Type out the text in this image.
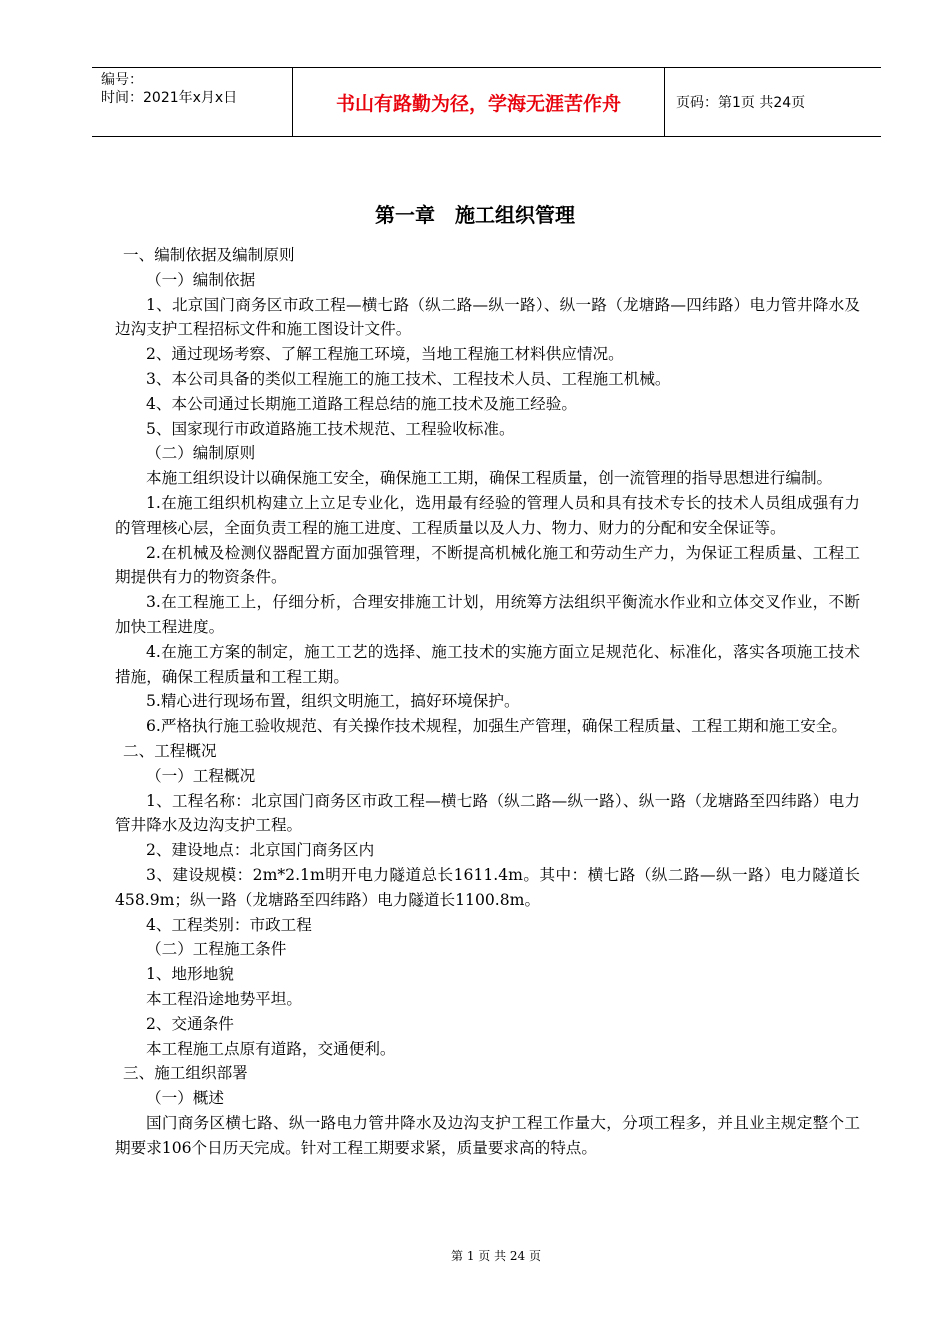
编号：
时间：2021年x月x日	书山有路勤为径，学海无涯苦作舟	页码：第1页 共24页
第一章　施工组织管理

一、编制依据及编制原则

（一）编制依据

1、北京国门商务区市政工程—横七路（纵二路—纵一路）、纵一路（龙塘路—四纬路）电力管井降水及边沟支护工程招标文件和施工图设计文件。

2、通过现场考察、了解工程施工环境，当地工程施工材料供应情况。

3、本公司具备的类似工程施工的施工技术、工程技术人员、工程施工机械。

4、本公司通过长期施工道路工程总结的施工技术及施工经验。

5、国家现行市政道路施工技术规范、工程验收标准。

（二）编制原则

本施工组织设计以确保施工安全，确保施工工期，确保工程质量，创一流管理的指导思想进行编制。

1.在施工组织机构建立上立足专业化，选用最有经验的管理人员和具有技术专长的技术人员组成强有力的管理核心层，全面负责工程的施工进度、工程质量以及人力、物力、财力的分配和安全保证等。

2.在机械及检测仪器配置方面加强管理，不断提高机械化施工和劳动生产力，为保证工程质量、工程工期提供有力的物资条件。

3.在工程施工上，仔细分析，合理安排施工计划，用统筹方法组织平衡流水作业和立体交叉作业，不断加快工程进度。

4.在施工方案的制定，施工工艺的选择、施工技术的实施方面立足规范化、标准化，落实各项施工技术措施，确保工程质量和工程工期。

5.精心进行现场布置，组织文明施工，搞好环境保护。

6.严格执行施工验收规范、有关操作技术规程，加强生产管理，确保工程质量、工程工期和施工安全。

二、工程概况

（一）工程概况

1、工程名称：北京国门商务区市政工程—横七路（纵二路—纵一路）、纵一路（龙塘路至四纬路）电力管井降水及边沟支护工程。

2、建设地点：北京国门商务区内

3、建设规模：2m*2.1m明开电力隧道总长1611.4m。其中：横七路（纵二路—纵一路）电力隧道长458.9m；纵一路（龙塘路至四纬路）电力隧道长1100.8m。

4、工程类别：市政工程

（二）工程施工条件

1、地形地貌

本工程沿途地势平坦。

2、交通条件

本工程施工点原有道路，交通便利。

三、施工组织部署

（一）概述

国门商务区横七路、纵一路电力管井降水及边沟支护工程工作量大，分项工程多，并且业主规定整个工期要求106个日历天完成。针对工程工期要求紧，质量要求高的特点。

第 1 页 共 24 页
